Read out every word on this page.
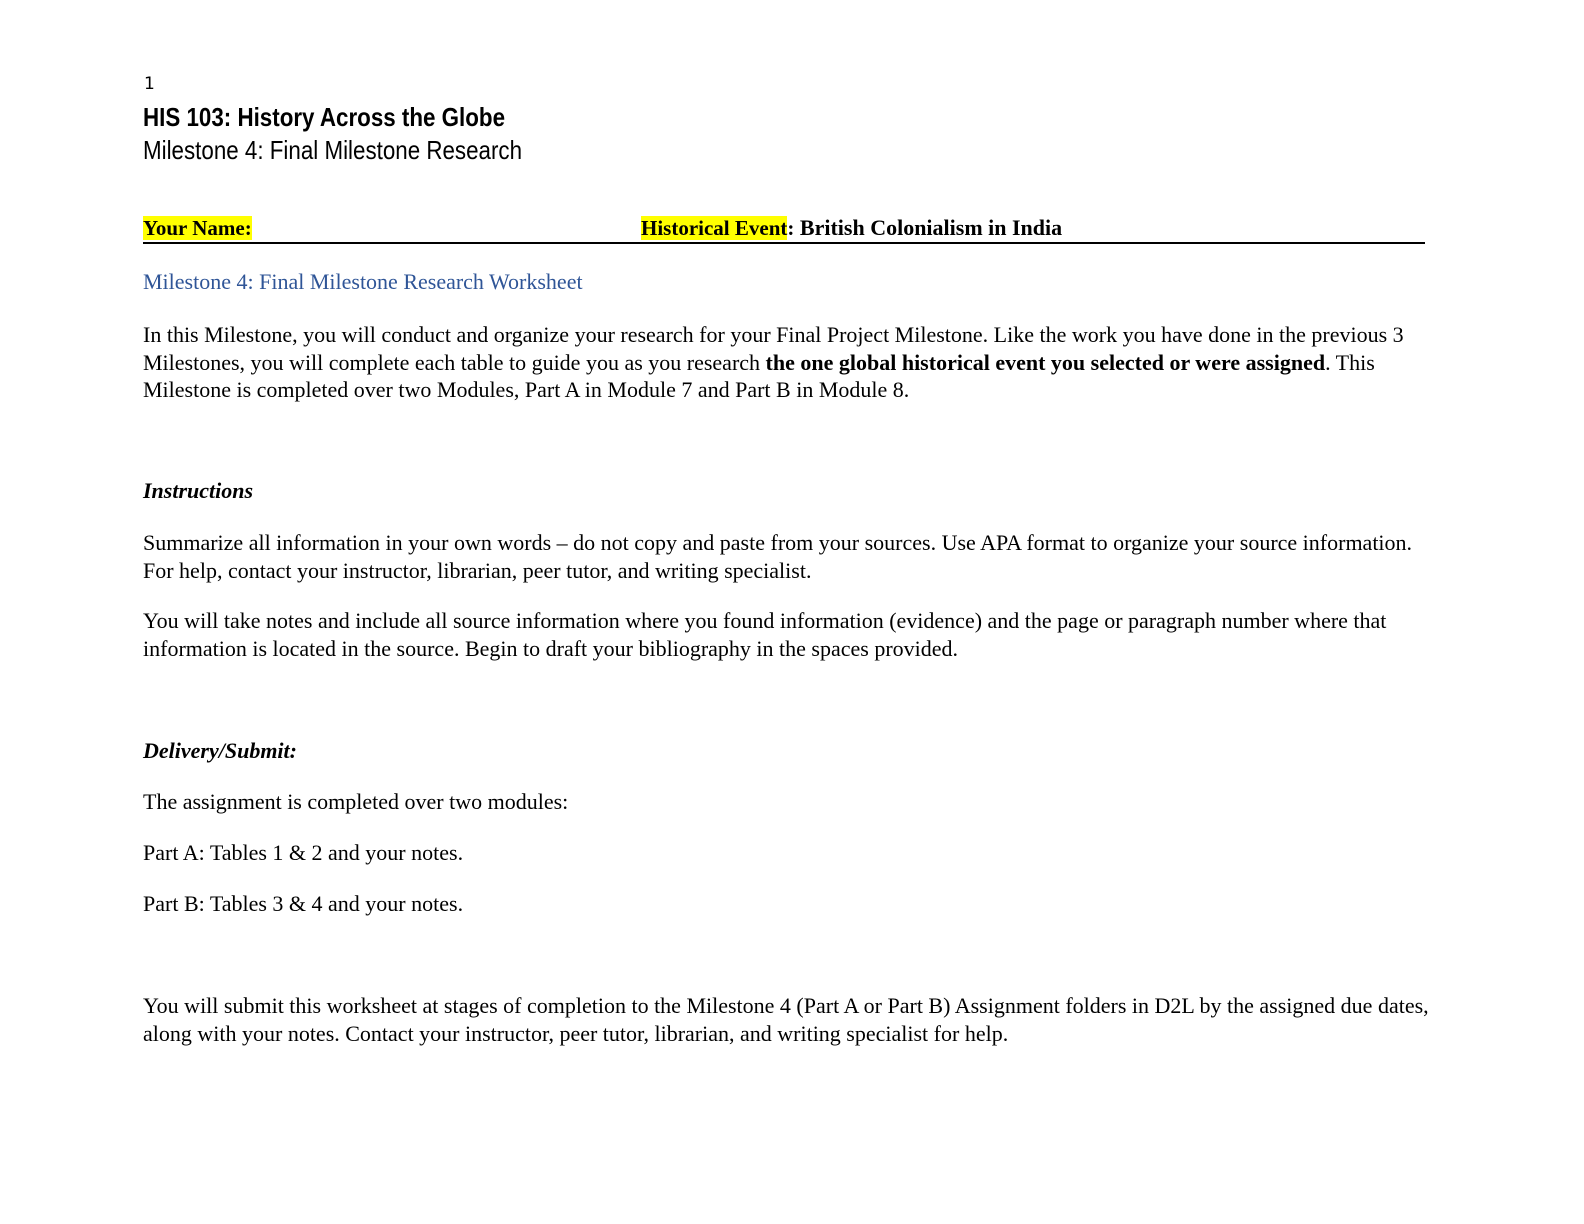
1
HIS 103: History Across the Globe
Milestone 4: Final Milestone Research
Your Name:	Historical Event: British Colonialism in India
Milestone 4: Final Milestone Research Worksheet
In this Milestone, you will conduct and organize your research for your Final Project Milestone. Like the work you have done in the previous 3 Milestones, you will complete each table to guide you as you research the one global historical event you selected or were assigned. This Milestone is completed over two Modules, Part A in Module 7 and Part B in Module 8.
Instructions
Summarize all information in your own words – do not copy and paste from your sources. Use APA format to organize your source information. For help, contact your instructor, librarian, peer tutor, and writing specialist.
You will take notes and include all source information where you found information (evidence) and the page or paragraph number where that information is located in the source. Begin to draft your bibliography in the spaces provided.
Delivery/Submit:
The assignment is completed over two modules:
Part A: Tables 1 & 2 and your notes.
Part B: Tables 3 & 4 and your notes.
You will submit this worksheet at stages of completion to the Milestone 4 (Part A or Part B) Assignment folders in D2L by the assigned due dates, along with your notes. Contact your instructor, peer tutor, librarian, and writing specialist for help.
